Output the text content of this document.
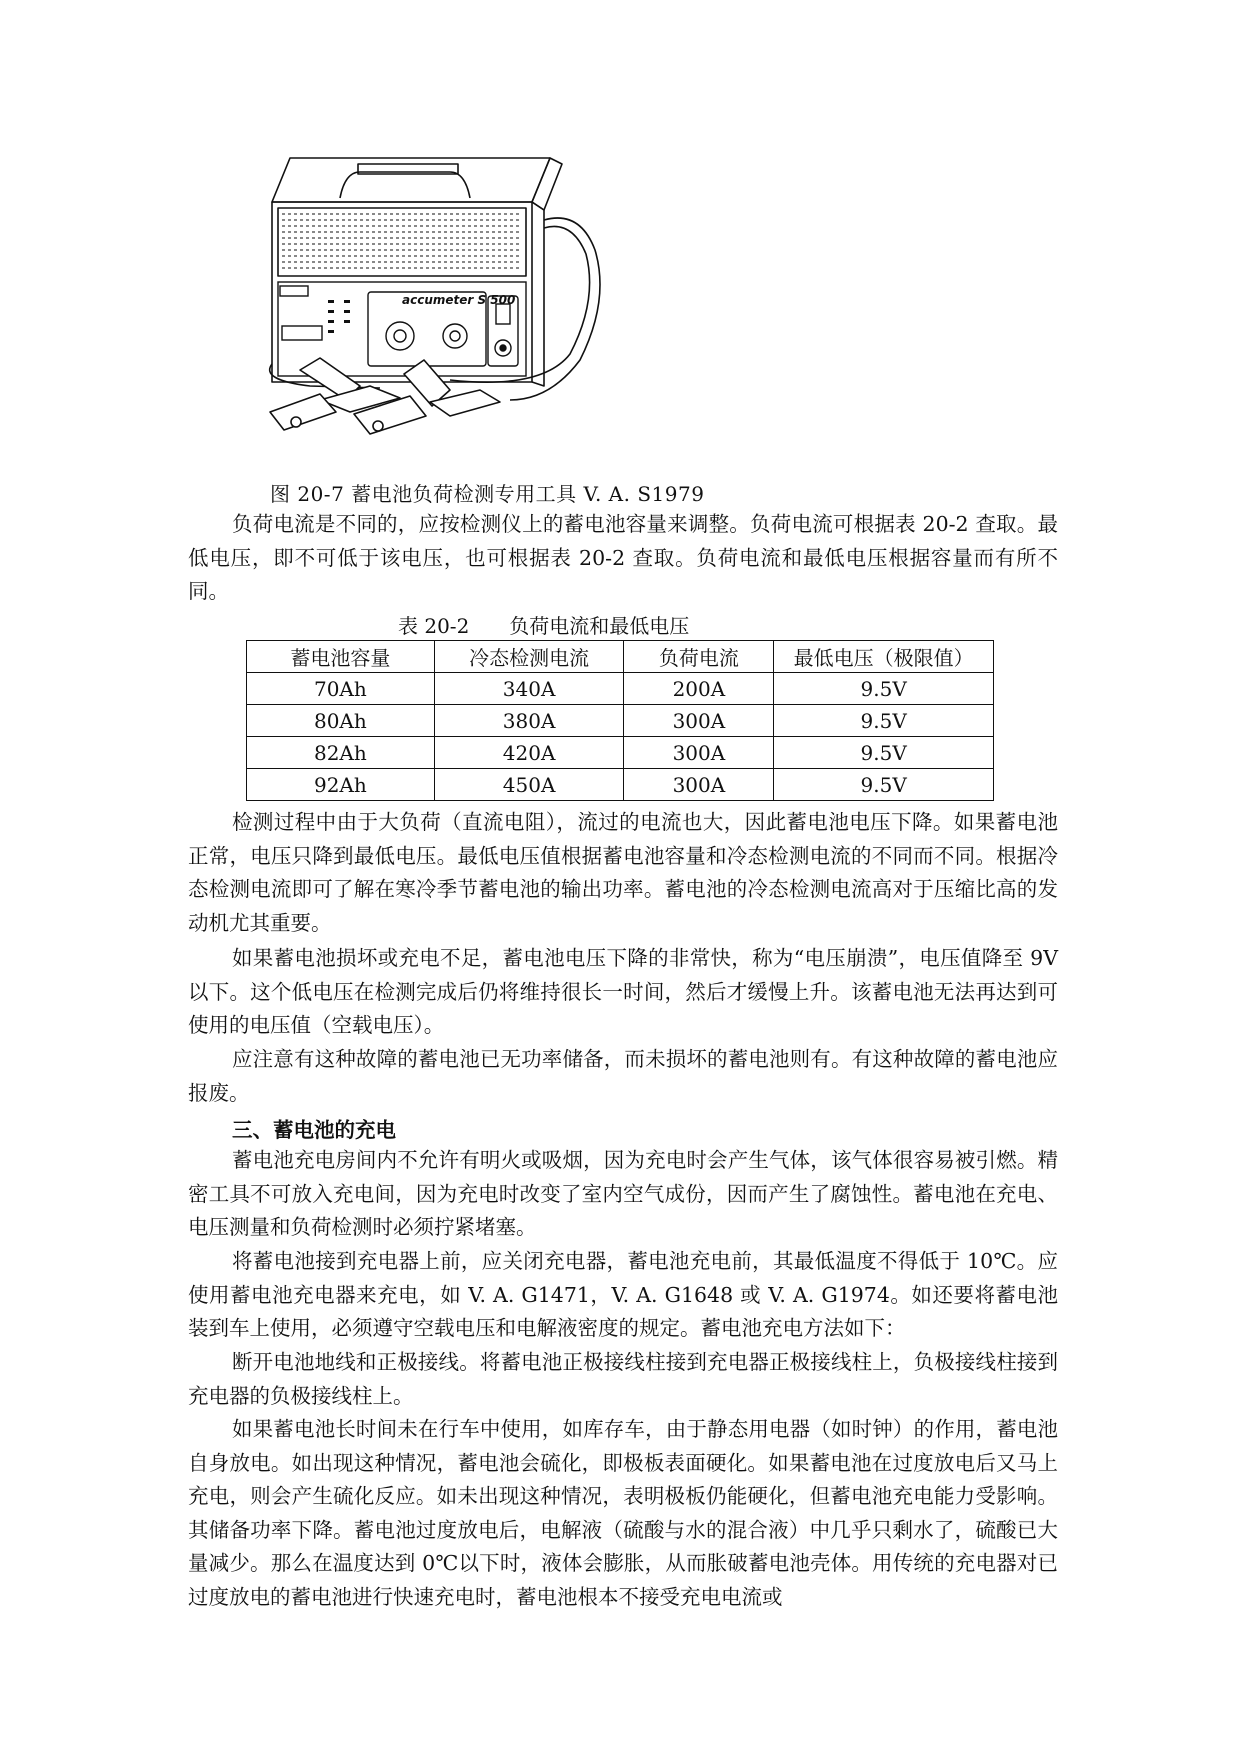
accumeter S 500
图 20-7 蓄电池负荷检测专用工具 V. A. S1979

负荷电流是不同的，应按检测仪上的蓄电池容量来调整。负荷电流可根据表 20-2 查取。最低电压，即不可低于该电压，也可根据表 20-2 查取。负荷电流和最低电压根据容量而有所不同。

表 20-2 负荷电流和最低电压
蓄电池容量	冷态检测电流	负荷电流	最低电压（极限值）
70Ah	340A	200A	9.5V
80Ah	380A	300A	9.5V
82Ah	420A	300A	9.5V
92Ah	450A	300A	9.5V

检测过程中由于大负荷（直流电阻），流过的电流也大，因此蓄电池电压下降。如果蓄电池正常，电压只降到最低电压。最低电压值根据蓄电池容量和冷态检测电流的不同而不同。根据冷态检测电流即可了解在寒冷季节蓄电池的输出功率。蓄电池的冷态检测电流高对于压缩比高的发动机尤其重要。

如果蓄电池损坏或充电不足，蓄电池电压下降的非常快，称为“电压崩溃”，电压值降至 9V 以下。这个低电压在检测完成后仍将维持很长一时间，然后才缓慢上升。该蓄电池无法再达到可使用的电压值（空载电压）。

应注意有这种故障的蓄电池已无功率储备，而未损坏的蓄电池则有。有这种故障的蓄电池应报废。

三、蓄电池的充电

蓄电池充电房间内不允许有明火或吸烟，因为充电时会产生气体，该气体很容易被引燃。精密工具不可放入充电间，因为充电时改变了室内空气成份，因而产生了腐蚀性。蓄电池在充电、电压测量和负荷检测时必须拧紧堵塞。

将蓄电池接到充电器上前，应关闭充电器，蓄电池充电前，其最低温度不得低于 10℃。应使用蓄电池充电器来充电，如 V. A. G1471，V. A. G1648 或 V. A. G1974。如还要将蓄电池装到车上使用，必须遵守空载电压和电解液密度的规定。蓄电池充电方法如下：

断开电池地线和正极接线。将蓄电池正极接线柱接到充电器正极接线柱上，负极接线柱接到充电器的负极接线柱上。

如果蓄电池长时间未在行车中使用，如库存车，由于静态用电器（如时钟）的作用，蓄电池自身放电。如出现这种情况，蓄电池会硫化，即极板表面硬化。如果蓄电池在过度放电后又马上充电，则会产生硫化反应。如未出现这种情况，表明极板仍能硬化，但蓄电池充电能力受影响。其储备功率下降。蓄电池过度放电后，电解液（硫酸与水的混合液）中几乎只剩水了，硫酸已大量减少。那么在温度达到 0℃以下时，液体会膨胀，从而胀破蓄电池壳体。用传统的充电器对已过度放电的蓄电池进行快速充电时，蓄电池根本不接受充电电流或
